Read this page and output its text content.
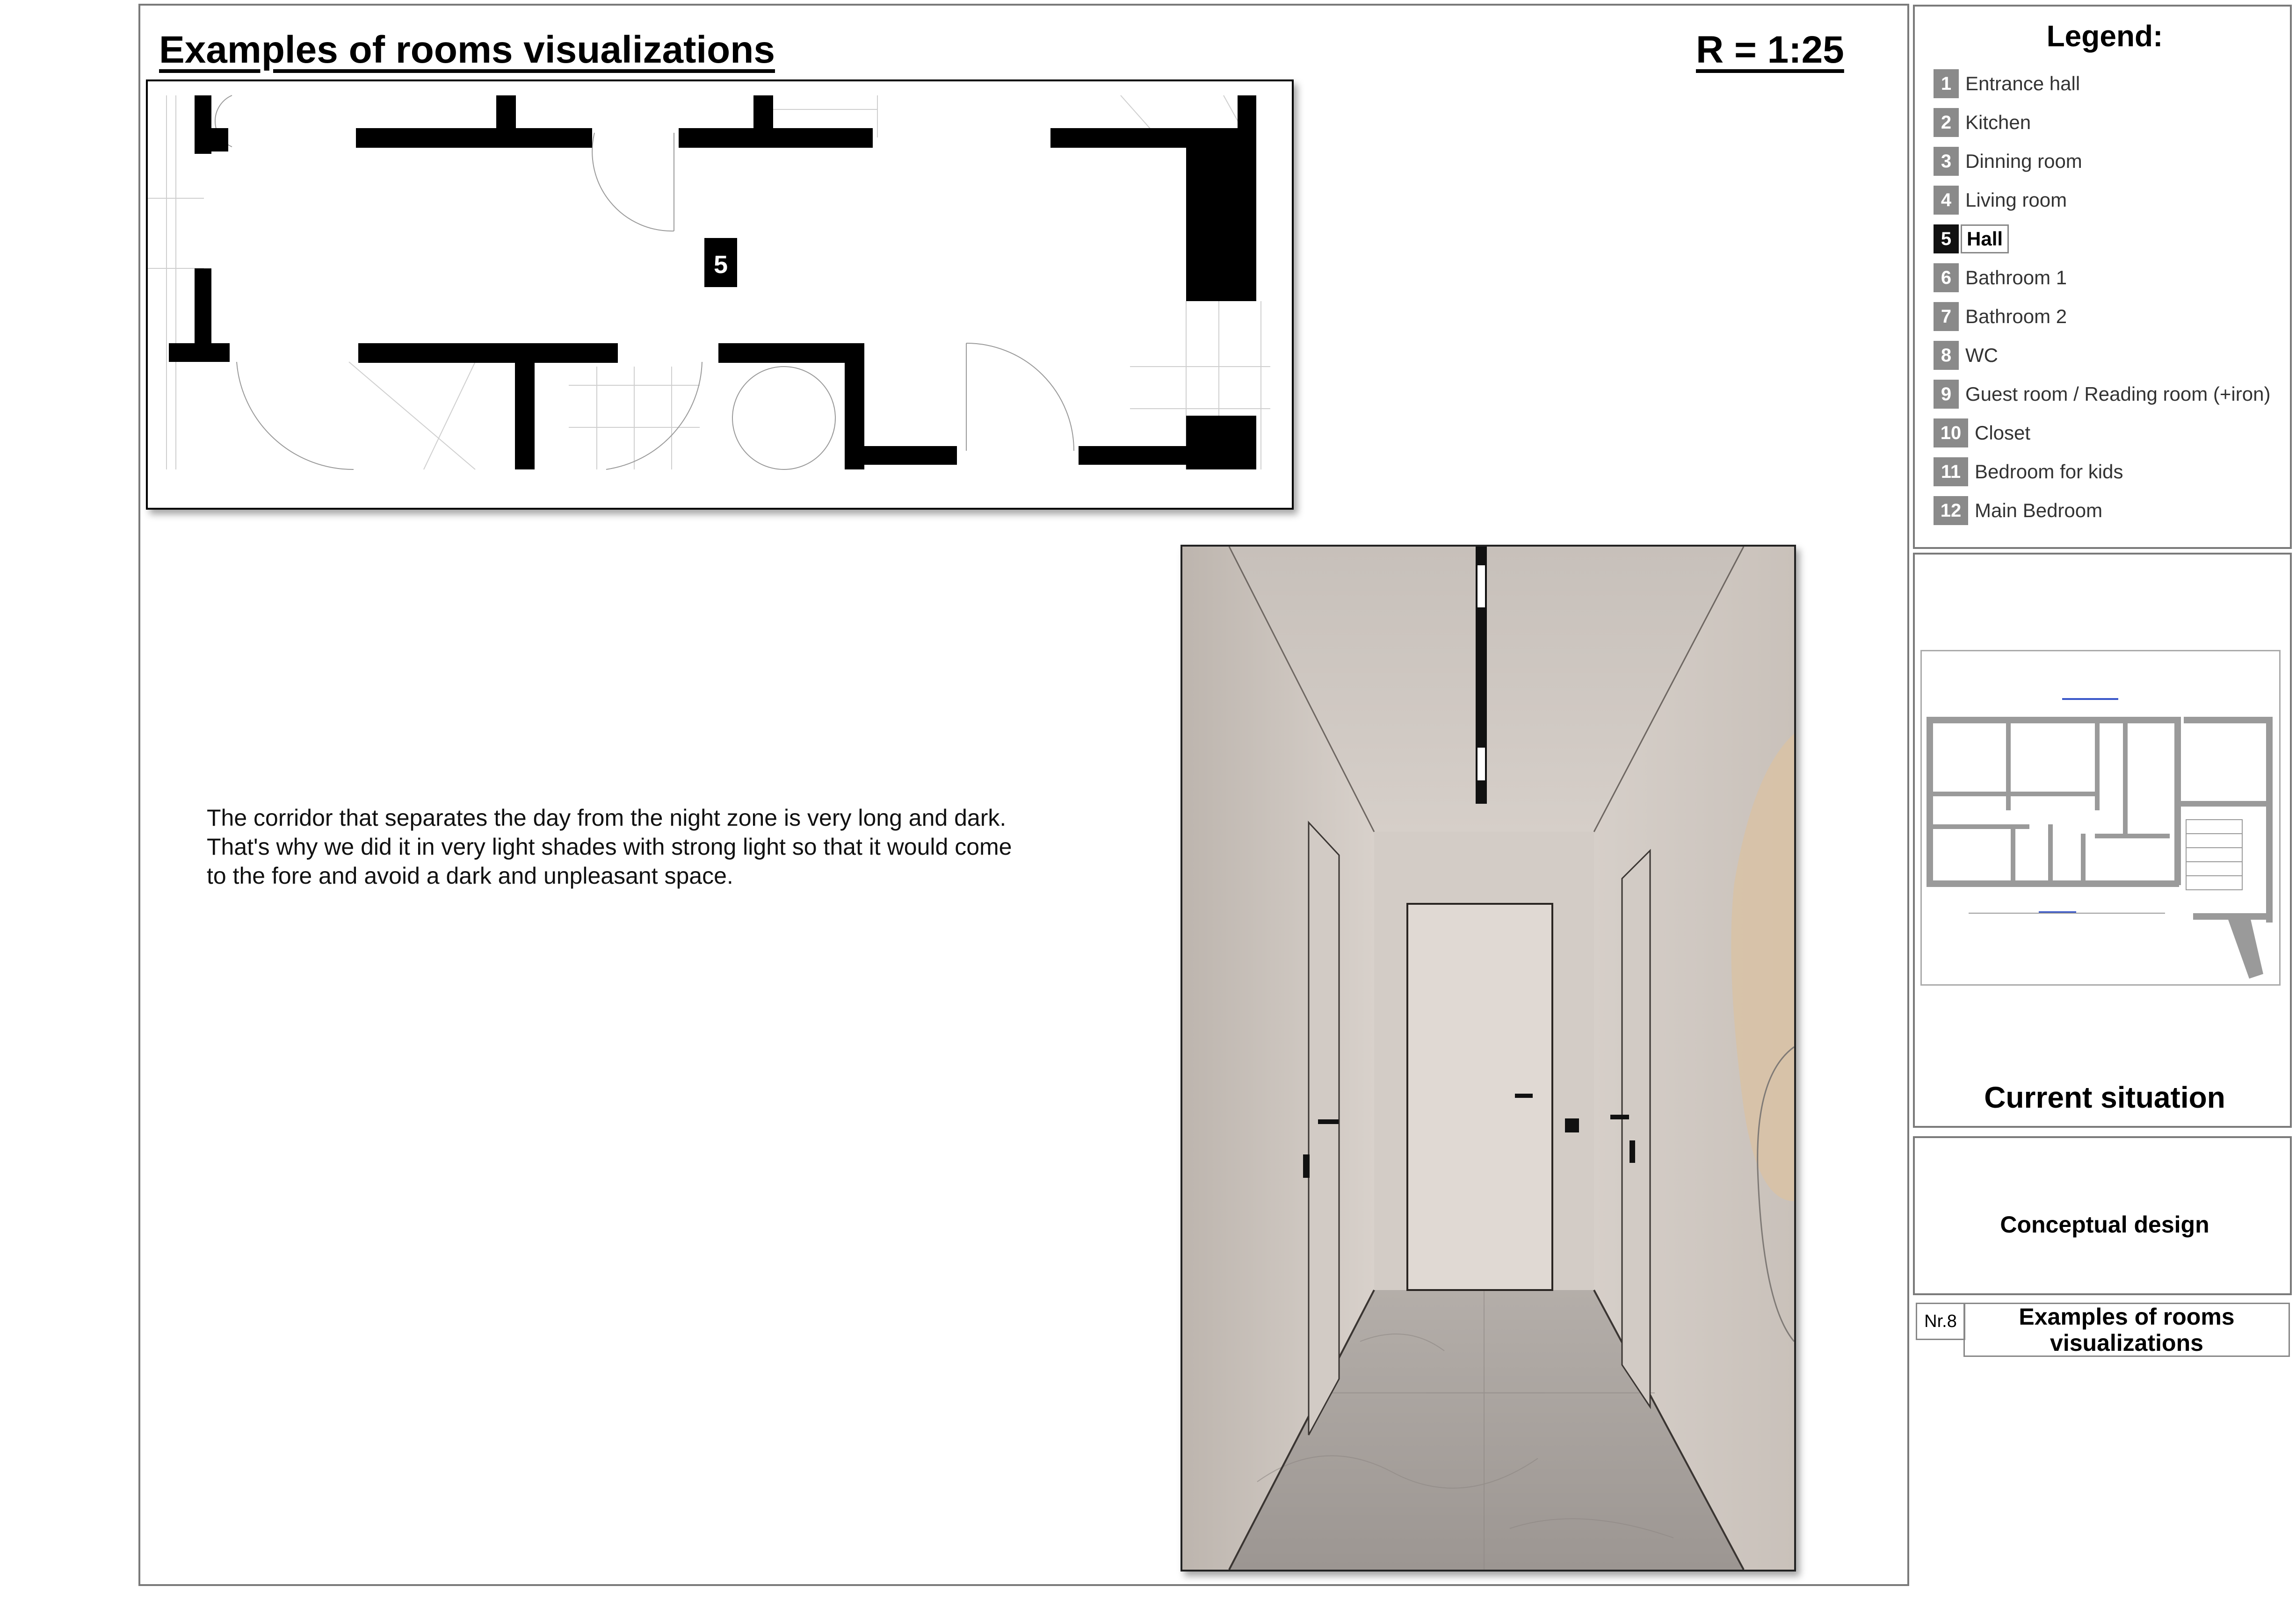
Examples of rooms visualizations	R = 1:25
5

The corridor that separates the day from the night zone is very long and dark.

That's why we did it in very light shades with strong light so that it would come

to the fore and avoid a dark and unpleasant space.

Legend:
1 Entrance hall
2 Kitchen
3 Dinning room
4 Living room
5 Hall
6 Bathroom 1
7 Bathroom 2
8 WC
9 Guest room / Reading room (+iron)
10 Closet
11 Bedroom for kids
12 Main Bedroom
Current situation
Conceptual design
Nr.8	Examples of rooms
visualizations
